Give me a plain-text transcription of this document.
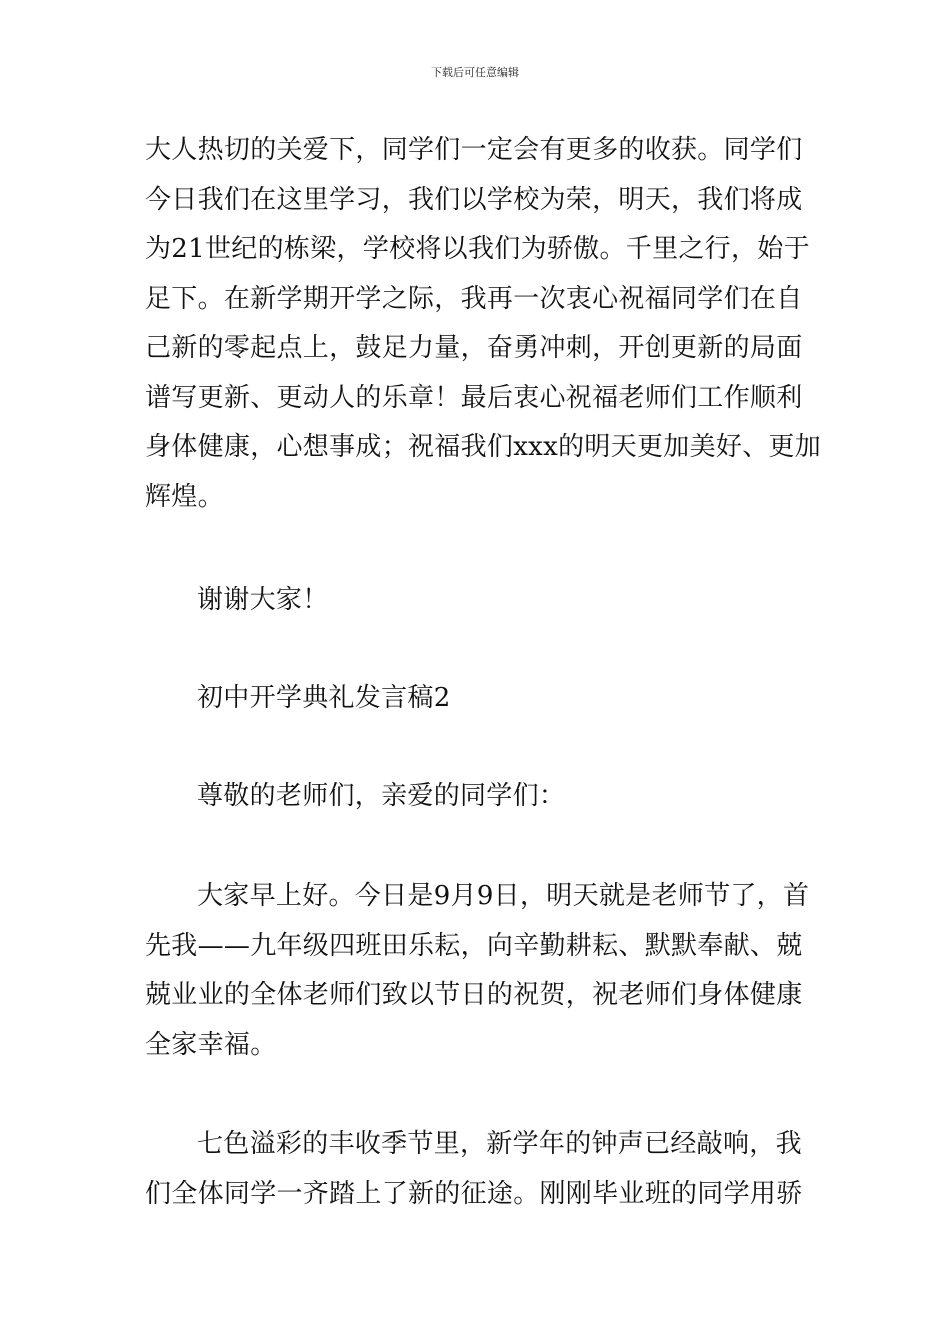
下载后可任意编辑
大人热切的关爱下，同学们一定会有更多的收获。同学们
今日我们在这里学习，我们以学校为荣，明天，我们将成
为21世纪的栋梁，学校将以我们为骄傲。千里之行，始于
足下。在新学期开学之际，我再一次衷心祝福同学们在自
己新的零起点上，鼓足力量，奋勇冲刺，开创更新的局面
谱写更新、更动人的乐章！最后衷心祝福老师们工作顺利
身体健康，心想事成；祝福我们xxx的明天更加美好、更加
辉煌。
谢谢大家！
初中开学典礼发言稿2
尊敬的老师们，亲爱的同学们：
大家早上好。今日是9月9日，明天就是老师节了，首
先我——九年级四班田乐耘，向辛勤耕耘、默默奉献、兢
兢业业的全体老师们致以节日的祝贺，祝老师们身体健康
全家幸福。
七色溢彩的丰收季节里，新学年的钟声已经敲响，我
们全体同学一齐踏上了新的征途。刚刚毕业班的同学用骄
